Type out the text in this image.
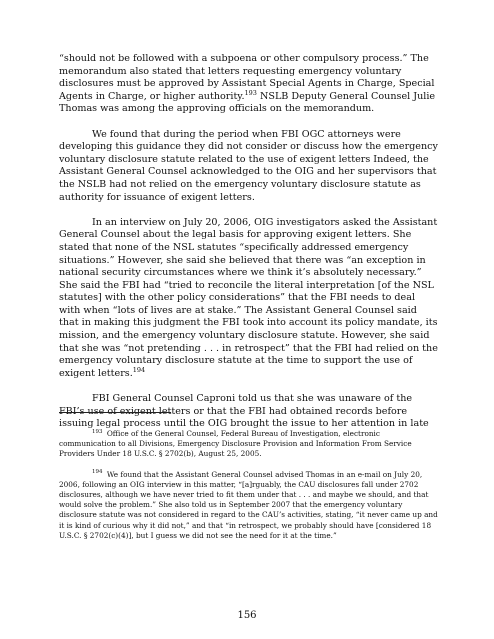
“should not be followed with a subpoena or other compulsory process.” The memorandum also stated that letters requesting emergency voluntary disclosures must be approved by Assistant Special Agents in Charge, Special Agents in Charge, or higher authority.$^{193}$ NSLB Deputy General Counsel Julie Thomas was among the approving officials on the memorandum.

We found that during the period when FBI OGC attorneys were developing this guidance they did not consider or discuss how the emergency voluntary disclosure statute related to the use of exigent letters Indeed, the Assistant General Counsel acknowledged to the OIG and her supervisors that the NSLB had not relied on the emergency voluntary disclosure statute as authority for issuance of exigent letters.

In an interview on July 20, 2006, OIG investigators asked the Assistant General Counsel about the legal basis for approving exigent letters. She stated that none of the NSL statutes “specifically addressed emergency situations.” However, she said she believed that there was “an exception in national security circumstances where we think it’s absolutely necessary.” She said the FBI had “tried to reconcile the literal interpretation [of the NSL statutes] with the other policy considerations” that the FBI needs to deal with when “lots of lives are at stake.” The Assistant General Counsel said that in making this judgment the FBI took into account its policy mandate, its mission, and the emergency voluntary disclosure statute. However, she said that she was “not pretending . . . in retrospect” that the FBI had relied on the emergency voluntary disclosure statute at the time to support the use of exigent letters.$^{194}$

FBI General Counsel Caproni told us that she was unaware of the FBI’s use of exigent letters or that the FBI had obtained records before issuing legal process until the OIG brought the issue to her attention in late

$^{193}$ Office of the General Counsel, Federal Bureau of Investigation, electronic communication to all Divisions, Emergency Disclosure Provision and Information From Service Providers Under 18 U.S.C. § 2702(b), August 25, 2005.

$^{194}$ We found that the Assistant General Counsel advised Thomas in an e-mail on July 20, 2006, following an OIG interview in this matter, “[a]rguably, the CAU disclosures fall under 2702 disclosures, although we have never tried to fit them under that . . . and maybe we should, and that would solve the problem.” She also told us in September 2007 that the emergency voluntary disclosure statute was not considered in regard to the CAU’s activities, stating, “it never came up and it is kind of curious why it did not,” and that “in retrospect, we probably should have [considered 18 U.S.C. § 2702(c)(4)], but I guess we did not see the need for it at the time.”

156
